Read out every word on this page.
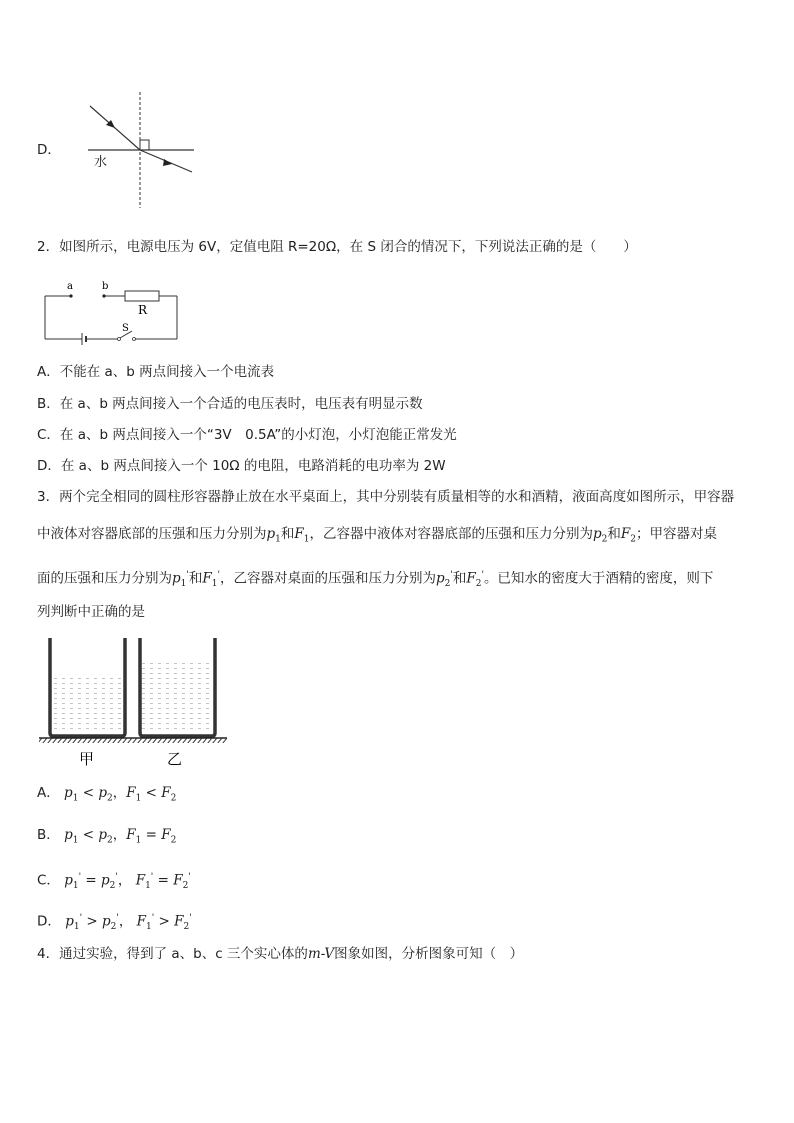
D．
水
2．如图所示，电源电压为 6V，定值电阻 R=20Ω，在 S 闭合的情况下，下列说法正确的是（　　）
a	b
R
S
A．不能在 a、b 两点间接入一个电流表
B．在 a、b 两点间接入一个合适的电压表时，电压表有明显示数
C．在 a、b 两点间接入一个“3V　0.5A”的小灯泡，小灯泡能正常发光
D．在 a、b 两点间接入一个 10Ω 的电阻，电路消耗的电功率为 2W
3．两个完全相同的圆柱形容器静止放在水平桌面上，其中分别装有质量相等的水和酒精，液面高度如图所示，甲容器
中液体对容器底部的压强和压力分别为$p_1$和$F_1$，乙容器中液体对容器底部的压强和压力分别为$p_2$和$F_2$；甲容器对桌
面的压强和压力分别为$p_1'$和$F_1'$，乙容器对桌面的压强和压力分别为$p_2'$和$F_2'$。已知水的密度大于酒精的密度，则下
列判断中正确的是
甲	乙
A． $p_1 < p_2$，$F_1 < F_2$
B． $p_1 < p_2$，$F_1 = F_2$
C． $p_1' = p_2'$， $F_1' = F_2'$
D． $p_1' > p_2'$， $F_1' > F_2'$
4．通过实验，得到了 a、b、c 三个实心体的m-V图象如图，分析图象可知（　）
